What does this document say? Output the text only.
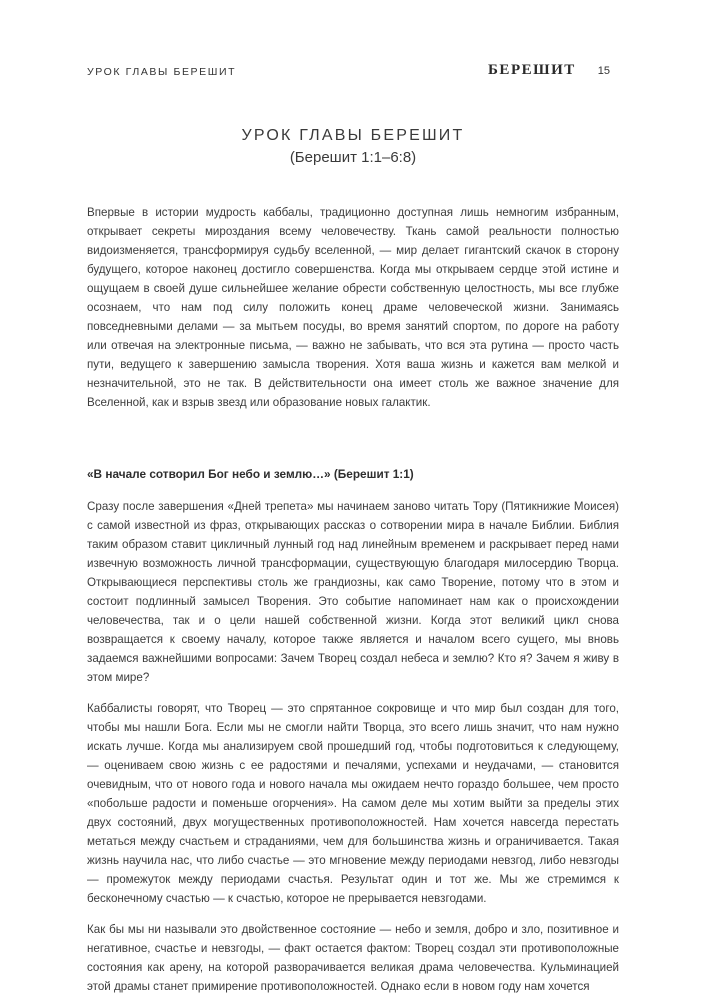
УРОК ГЛАВЫ БЕРЕШИТ	БЕРЕШИТ 15
УРОК ГЛАВЫ БЕРЕШИТ
(Берешит 1:1–6:8)

Впервые в истории мудрость каббалы, традиционно доступная лишь немногим избранным, открывает секреты мироздания всему человечеству. Ткань самой реальности полностью видоизменяется, трансформируя судьбу вселенной, — мир делает гигантский скачок в сторону будущего, которое наконец достигло совершенства. Когда мы открываем сердце этой истине и ощущаем в своей душе сильнейшее желание обрести собственную целостность, мы все глубже осознаем, что нам под силу положить конец драме человеческой жизни. Занимаясь повседневными делами — за мытьем посуды, во время занятий спортом, по дороге на работу или отвечая на электронные письма, — важно не забывать, что вся эта рутина — просто часть пути, ведущего к завершению замысла творения. Хотя ваша жизнь и кажется вам мелкой и незначительной, это не так. В действительности она имеет столь же важное значение для Вселенной, как и взрыв звезд или образование новых галактик.

«В начале сотворил Бог небо и землю…» (Берешит 1:1)

Сразу после завершения «Дней трепета» мы начинаем заново читать Тору (Пятикнижие Моисея) с самой известной из фраз, открывающих рассказ о сотворении мира в начале Библии. Библия таким образом ставит цикличный лунный год над линейным временем и раскрывает перед нами извечную возможность личной трансформации, существующую благодаря милосердию Творца. Открывающиеся перспективы столь же грандиозны, как само Творение, потому что в этом и состоит подлинный замысел Творения. Это событие напоминает нам как о происхождении человечества, так и о цели нашей собственной жизни. Когда этот великий цикл снова возвращается к своему началу, которое также является и началом всего сущего, мы вновь задаемся важнейшими вопросами: Зачем Творец создал небеса и землю? Кто я? Зачем я живу в этом мире?

Каббалисты говорят, что Творец — это спрятанное сокровище и что мир был создан для того, чтобы мы нашли Бога. Если мы не смогли найти Творца, это всего лишь значит, что нам нужно искать лучше. Когда мы анализируем свой прошедший год, чтобы подготовиться к следующему, — оцениваем свою жизнь с ее радостями и печалями, успехами и неудачами, — становится очевидным, что от нового года и нового начала мы ожидаем нечто гораздо большее, чем просто «побольше радости и поменьше огорчения». На самом деле мы хотим выйти за пределы этих двух состояний, двух могущественных противоположностей. Нам хочется навсегда перестать метаться между счастьем и страданиями, чем для большинства жизнь и ограничивается. Такая жизнь научила нас, что либо счастье — это мгновение между периодами невзгод, либо невзгоды — промежуток между периодами счастья. Результат один и тот же. Мы же стремимся к бесконечному счастью — к счастью, которое не прерывается невзгодами.

Как бы мы ни называли это двойственное состояние — небо и земля, добро и зло, позитивное и негативное, счастье и невзгоды, — факт остается фактом: Творец создал эти противоположные состояния как арену, на которой разворачивается великая драма человечества. Кульминацией этой драмы станет примирение противоположностей. Однако если в новом году нам хочется
